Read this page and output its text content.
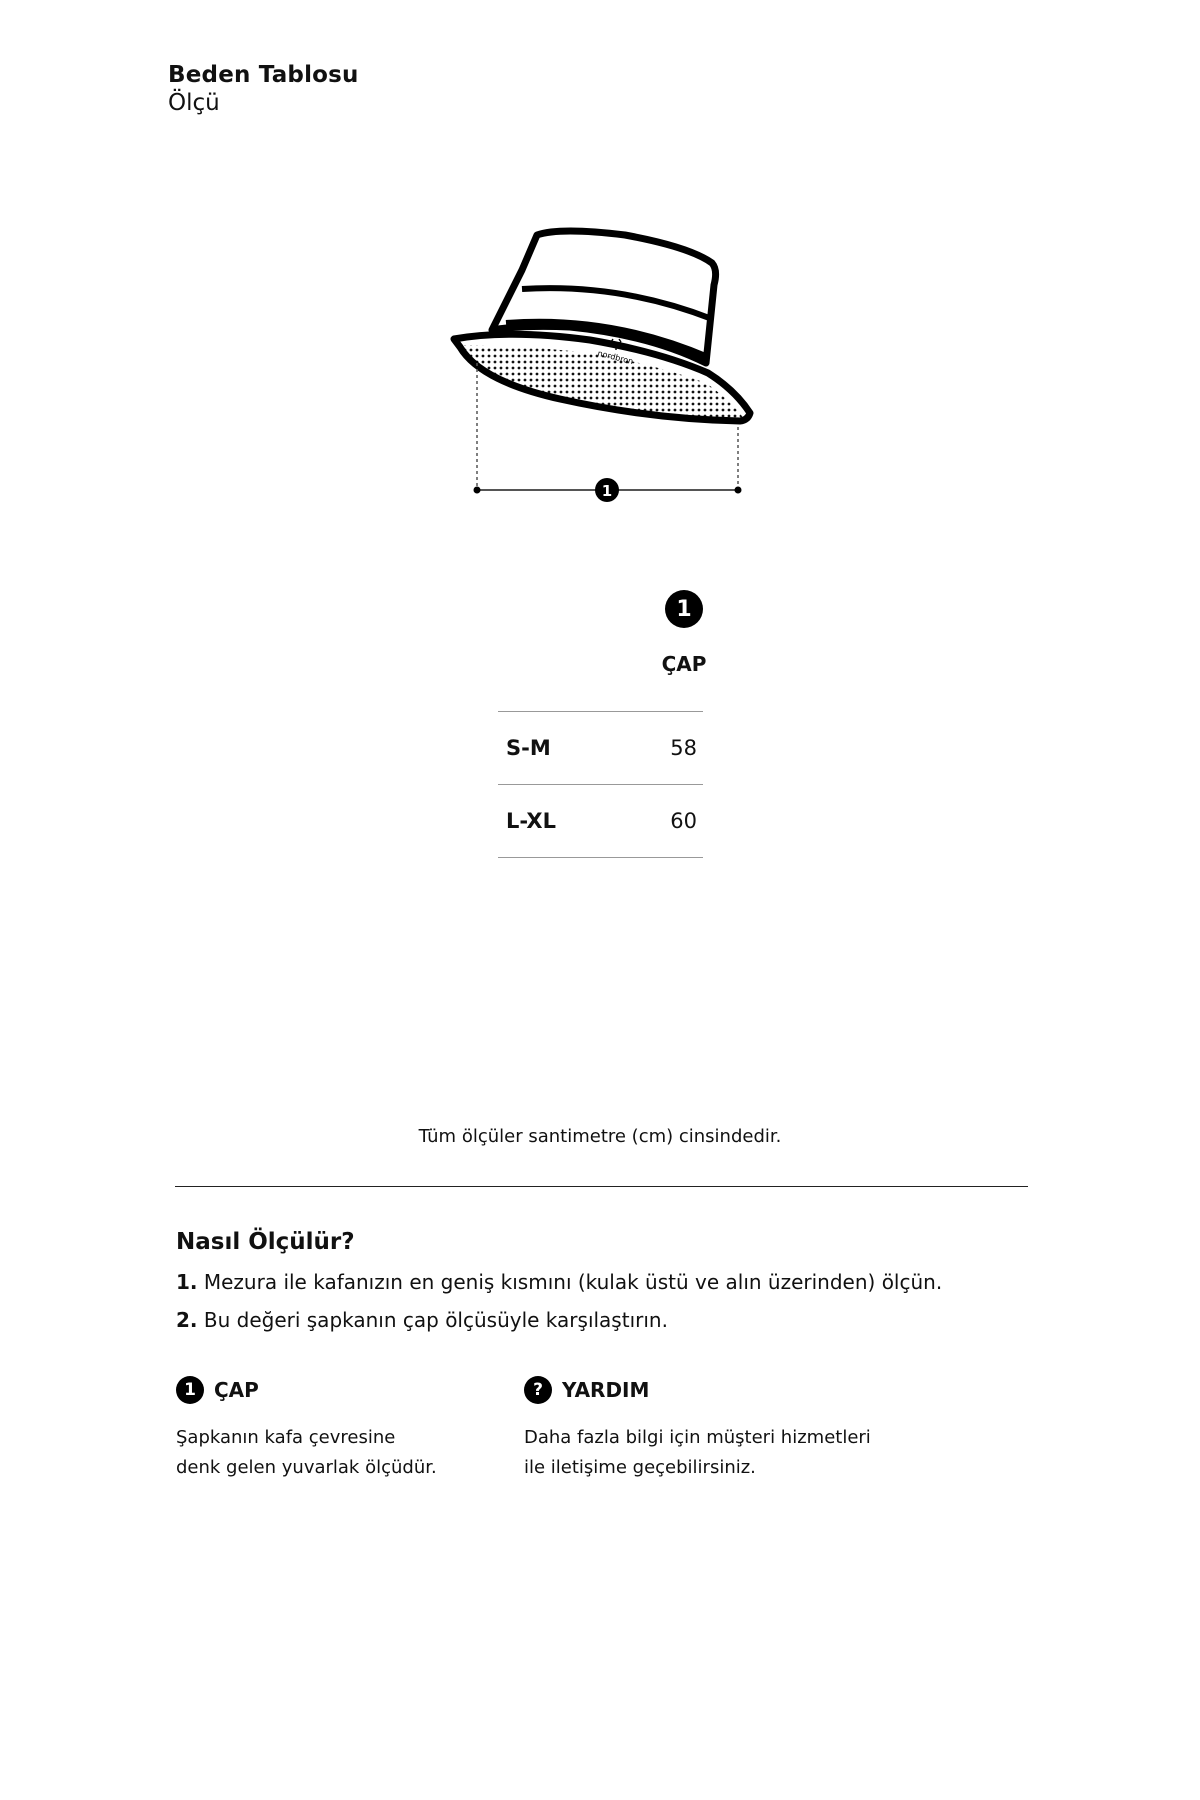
Beden Tablosu
Ölçü
nordbron
1
1
ÇAP
S-M	58
L-XL	60
Tüm ölçüler santimetre (cm) cinsindedir.
Nasıl Ölçülür?
1. Mezura ile kafanızın en geniş kısmını (kulak üstü ve alın üzerinden) ölçün.
2. Bu değeri şapkanın çap ölçüsüyle karşılaştırın.
1 ÇAP
Şapkanın kafa çevresine
denk gelen yuvarlak ölçüdür.
? YARDIM
Daha fazla bilgi için müşteri hizmetleri
ile iletişime geçebilirsiniz.
